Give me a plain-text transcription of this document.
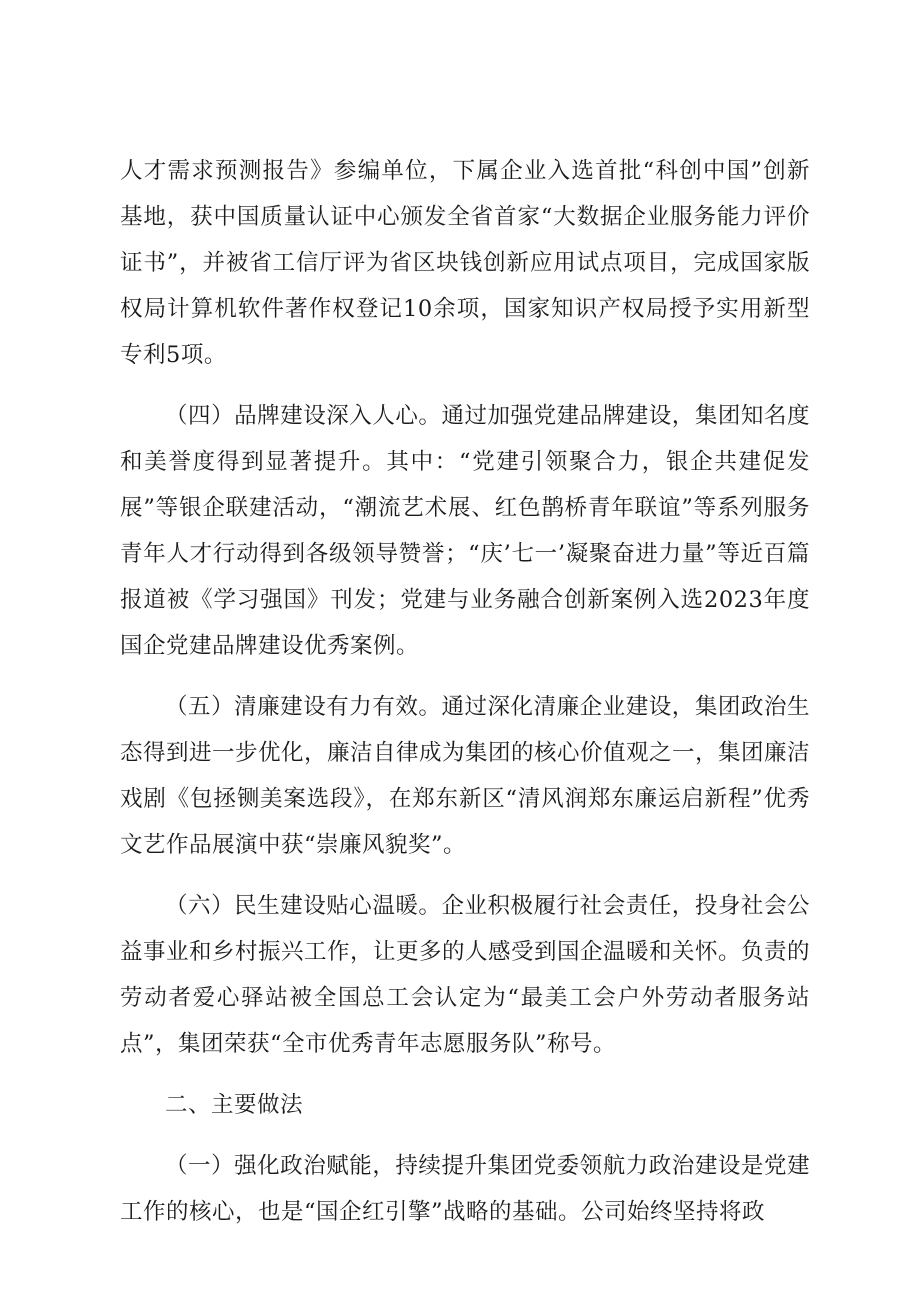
人才需求预测报告》参编单位，下属企业入选首批“科创中国”创新基地，获中国质量认证中心颁发全省首家“大数据企业服务能力评价证书”，并被省工信厅评为省区块钱创新应用试点项目，完成国家版权局计算机软件著作权登记10余项，国家知识产权局授予实用新型专利5项。

（四）品牌建设深入人心。通过加强党建品牌建设，集团知名度和美誉度得到显著提升。其中：“党建引领聚合力，银企共建促发展”等银企联建活动，“潮流艺术展、红色鹊桥青年联谊”等系列服务青年人才行动得到各级领导赞誉；“庆’七一’凝聚奋进力量”等近百篇报道被《学习强国》刊发；党建与业务融合创新案例入选2023年度国企党建品牌建设优秀案例。

（五）清廉建设有力有效。通过深化清廉企业建设，集团政治生态得到进一步优化，廉洁自律成为集团的核心价值观之一，集团廉洁戏剧《包拯铡美案选段》，在郑东新区“清风润郑东廉运启新程”优秀文艺作品展演中获“崇廉风貌奖”。

（六）民生建设贴心温暖。企业积极履行社会责任，投身社会公益事业和乡村振兴工作，让更多的人感受到国企温暖和关怀。负责的劳动者爱心驿站被全国总工会认定为“最美工会户外劳动者服务站点”，集团荣获“全市优秀青年志愿服务队”称号。

二、主要做法

（一）强化政治赋能，持续提升集团党委领航力政治建设是党建工作的核心，也是“国企红引擎”战略的基础。公司始终坚持将政
